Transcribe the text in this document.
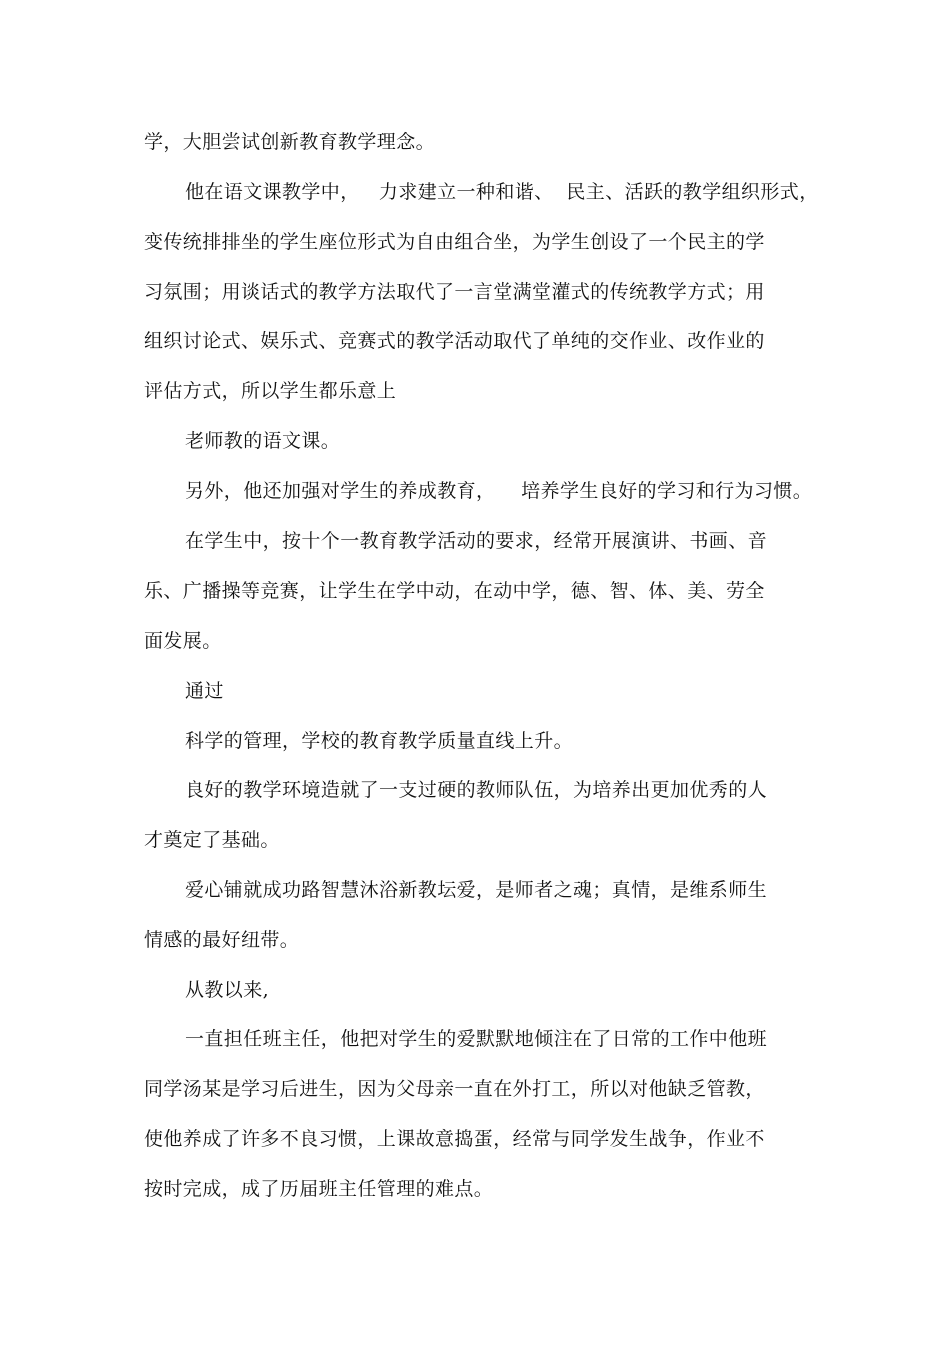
学，大胆尝试创新教育教学理念。
他在语文课教学中，   力求建立一种和谐、  民主、活跃的教学组织形式，
变传统排排坐的学生座位形式为自由组合坐，为学生创设了一个民主的学
习氛围；用谈话式的教学方法取代了一言堂满堂灌式的传统教学方式；用
组织讨论式、娱乐式、竞赛式的教学活动取代了单纯的交作业、改作业的
评估方式，所以学生都乐意上
老师教的语文课。
另外，他还加强对学生的养成教育，    培养学生良好的学习和行为习惯。
在学生中，按十个一教育教学活动的要求，经常开展演讲、书画、音
乐、广播操等竞赛，让学生在学中动，在动中学，德、智、体、美、劳全
面发展。
通过
科学的管理，学校的教育教学质量直线上升。
良好的教学环境造就了一支过硬的教师队伍，为培养出更加优秀的人
才奠定了基础。
爱心铺就成功路智慧沐浴新教坛爱，是师者之魂；真情，是维系师生
情感的最好纽带。
从教以来,
一直担任班主任，他把对学生的爱默默地倾注在了日常的工作中他班
同学汤某是学习后进生，因为父母亲一直在外打工，所以对他缺乏管教，
使他养成了许多不良习惯，上课故意捣蛋，经常与同学发生战争，作业不
按时完成，成了历届班主任管理的难点。
